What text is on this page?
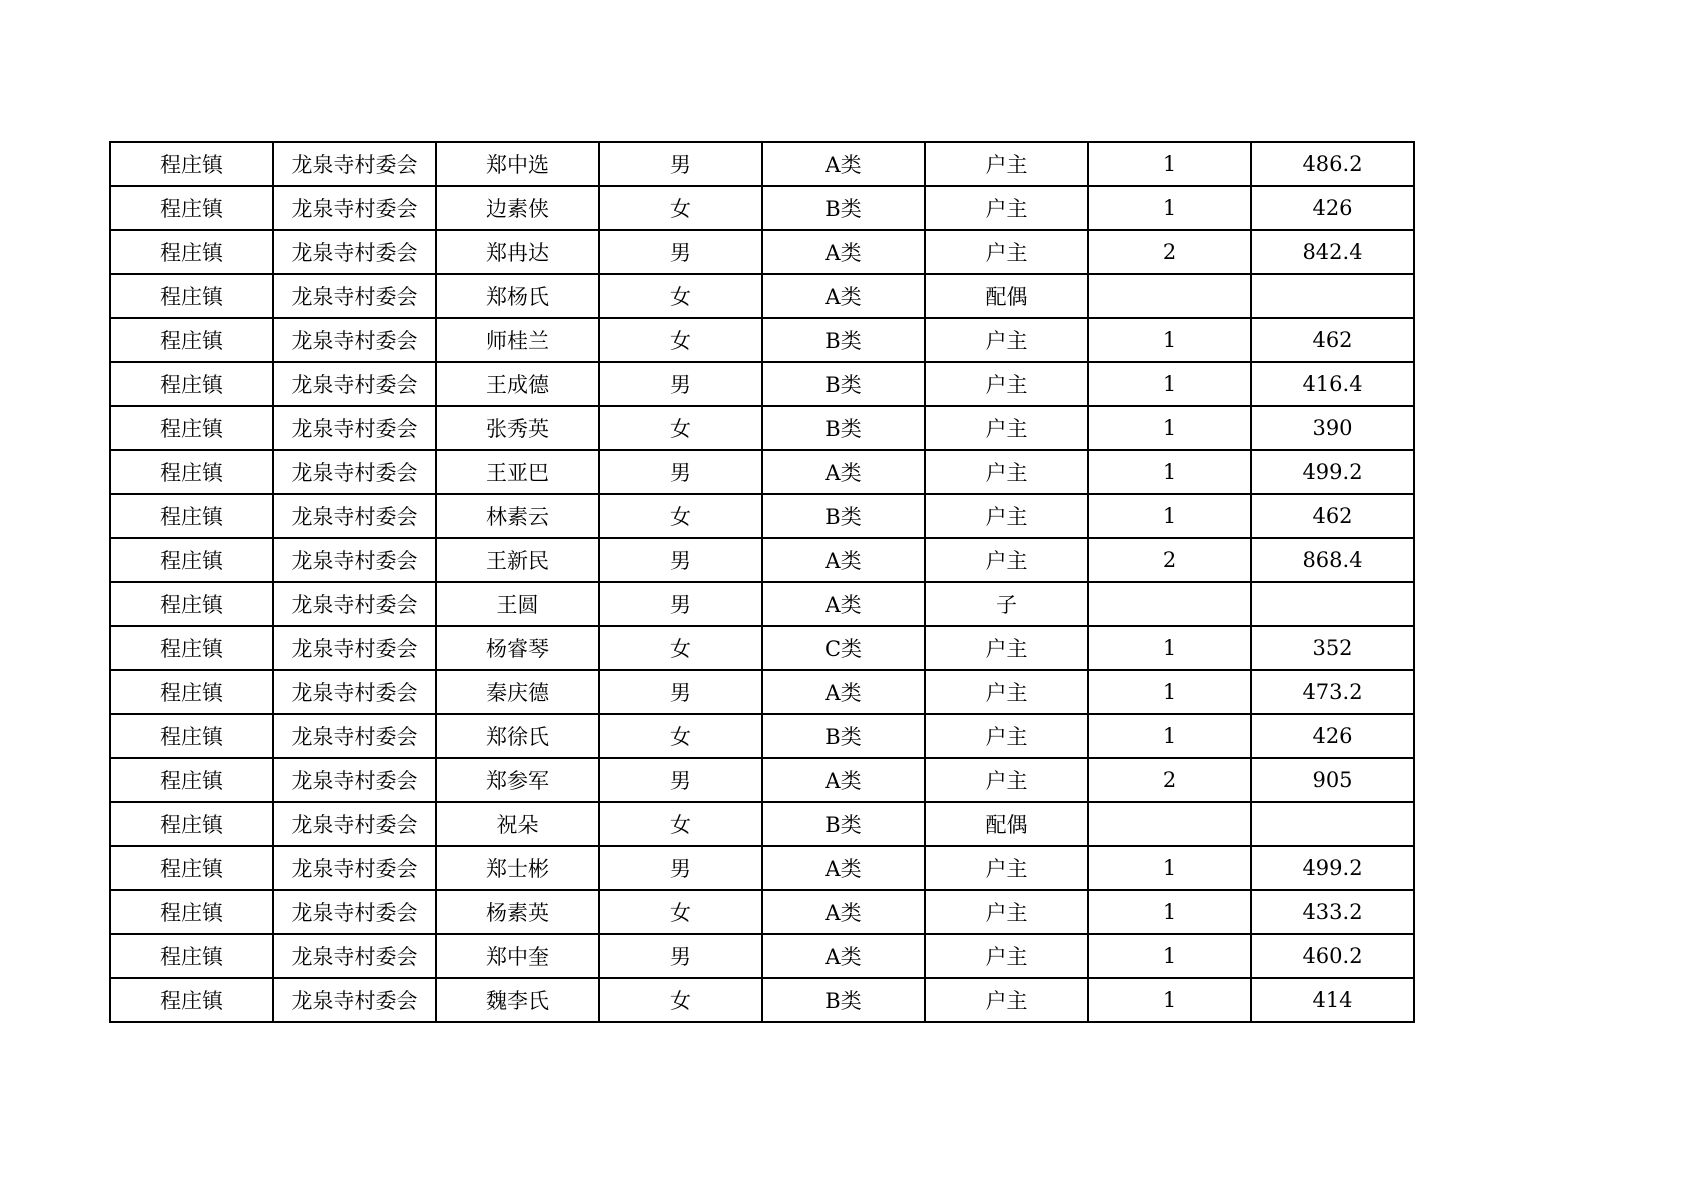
程庄镇	龙泉寺村委会	郑中选	男	A类	户主	1	486.2
程庄镇	龙泉寺村委会	边素侠	女	B类	户主	1	426
程庄镇	龙泉寺村委会	郑冉达	男	A类	户主	2	842.4
程庄镇	龙泉寺村委会	郑杨氏	女	A类	配偶		
程庄镇	龙泉寺村委会	师桂兰	女	B类	户主	1	462
程庄镇	龙泉寺村委会	王成德	男	B类	户主	1	416.4
程庄镇	龙泉寺村委会	张秀英	女	B类	户主	1	390
程庄镇	龙泉寺村委会	王亚巴	男	A类	户主	1	499.2
程庄镇	龙泉寺村委会	林素云	女	B类	户主	1	462
程庄镇	龙泉寺村委会	王新民	男	A类	户主	2	868.4
程庄镇	龙泉寺村委会	王圆	男	A类	子		
程庄镇	龙泉寺村委会	杨睿琴	女	C类	户主	1	352
程庄镇	龙泉寺村委会	秦庆德	男	A类	户主	1	473.2
程庄镇	龙泉寺村委会	郑徐氏	女	B类	户主	1	426
程庄镇	龙泉寺村委会	郑参军	男	A类	户主	2	905
程庄镇	龙泉寺村委会	祝朵	女	B类	配偶		
程庄镇	龙泉寺村委会	郑士彬	男	A类	户主	1	499.2
程庄镇	龙泉寺村委会	杨素英	女	A类	户主	1	433.2
程庄镇	龙泉寺村委会	郑中奎	男	A类	户主	1	460.2
程庄镇	龙泉寺村委会	魏李氏	女	B类	户主	1	414
